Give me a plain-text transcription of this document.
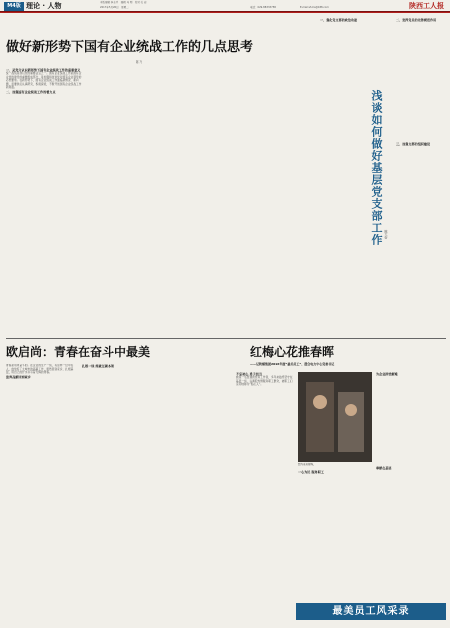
M4版 理论 · 人物	本版编辑 李永平　编辑 马 明　校对 孔 岩
2017年5月26日　星期二	电话：029-88333758	E-mail:sf-ms@188.com	陕西工人报
做好新形势下国有企业统战工作的几点思考
陈 乃
一、是充分认识新形势下国有企业统战工作的重要意义
统一战线是我们党的重要法宝之一。国有企业统战工作是国有企业党的建设的重要组成部分，是加强和改进党对国有企业领导的必然要求。在新形势下，国有企业统战工作面临新情况、新问题，需要我们认真研究，积极探索，不断开创国有企业统战工作新局面。
二、加强国有企业统战工作的着力点	浅谈如何做好基层党支部工作 陈大好
一、强化党支部的政治功能	二、发挥党员的先锋模范作用
三、加强支部的组织建设
欧启尚：青春在奋斗中最美
青春是用来奋斗的。在企业的生产一线，有这样一位年轻人，他放弃了大城市的高薪工作，毅然回到家乡，扎根基层，用自己的汗水书写着无悔的青春。
放弃高薪回到家乡
扎根一线 练就过硬本领
红梅心花推春晖
——记陕煤集团2016年度“最美员工”、澄合电力中心党委书记
不忘初心 勇于担当
她是一名普通的党务工作者，多年来始终坚守在基层一线，以满腔热情服务职工群众，被职工们亲切地称为“贴心人”。
图为采访现场。
一心为民 服务职工
为企业排忧解难
奉献在基层
最美员工风采录
